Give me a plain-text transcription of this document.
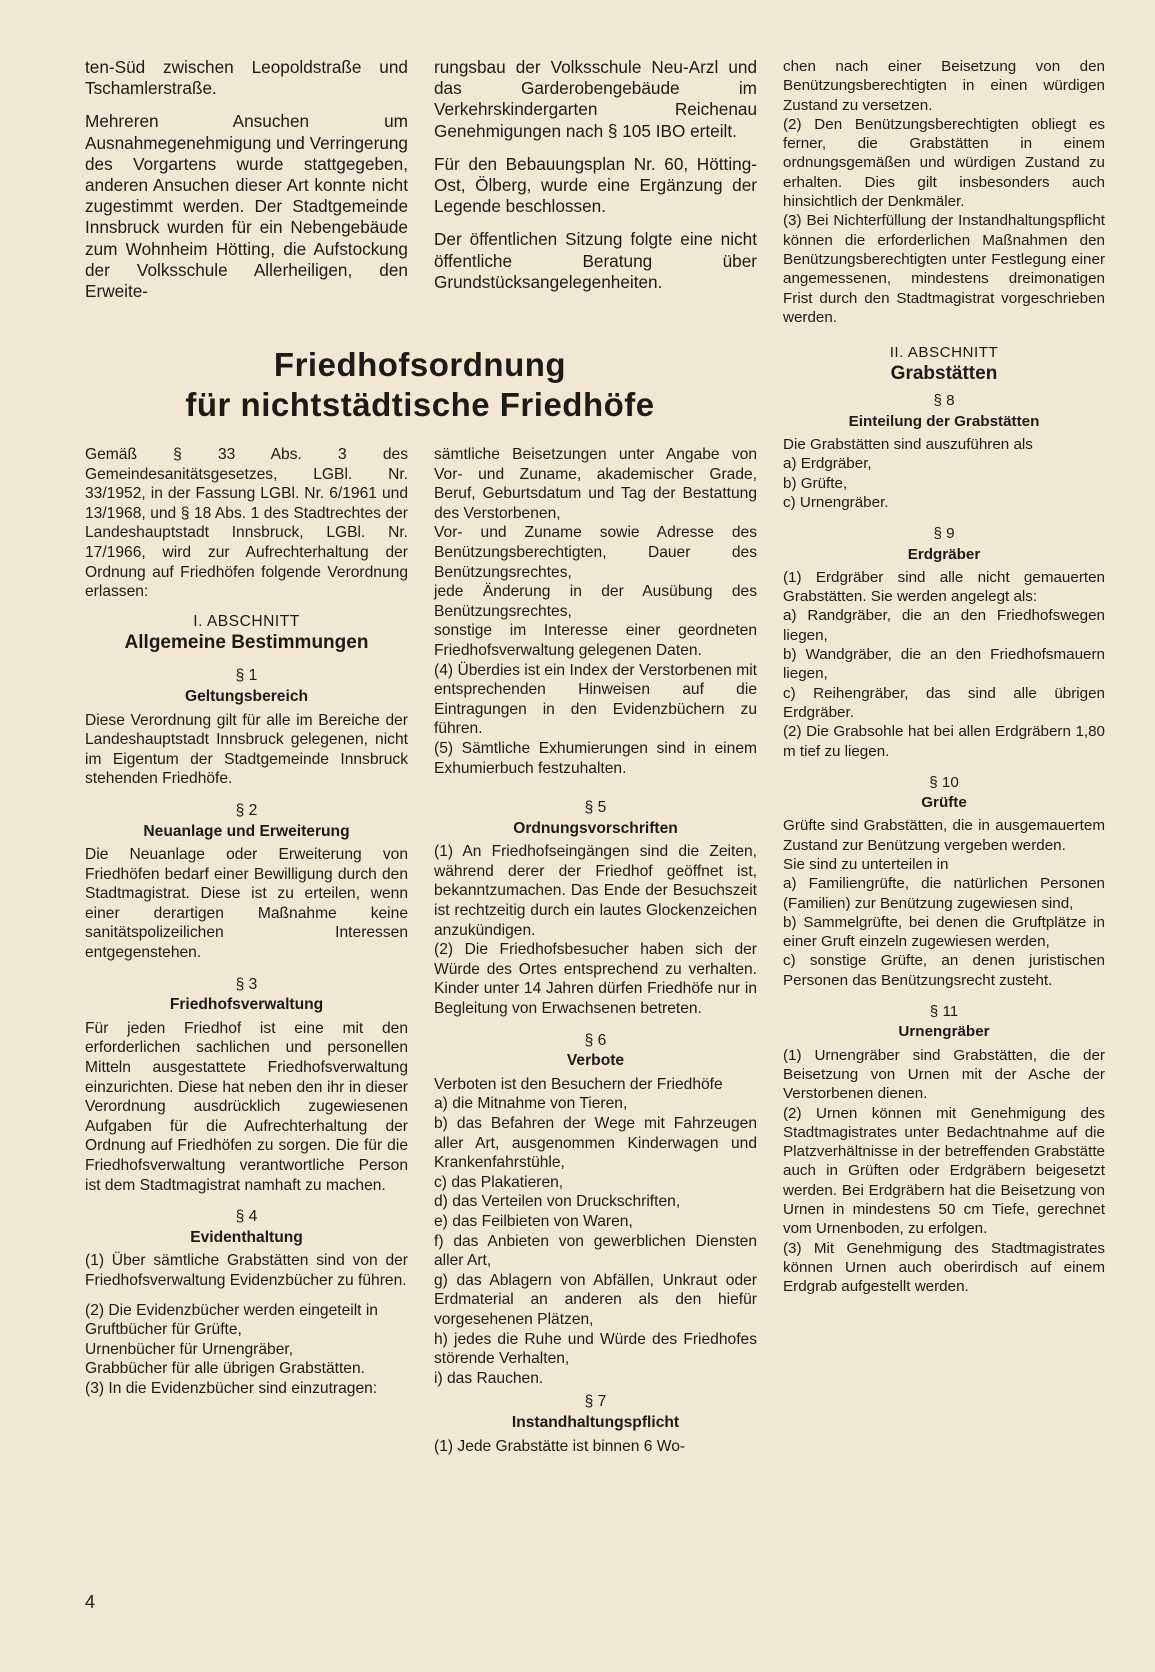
ten-Süd zwischen Leopoldstraße und Tschamlerstraße.

Mehreren Ansuchen um Ausnahmegenehmigung und Verringerung des Vorgartens wurde stattgegeben, anderen Ansuchen dieser Art konnte nicht zugestimmt werden. Der Stadtgemeinde Innsbruck wurden für ein Nebengebäude zum Wohnheim Hötting, die Aufstockung der Volksschule Allerheiligen, den Erweite-

rungsbau der Volksschule Neu-Arzl und das Garderobengebäude im Verkehrskindergarten Reichenau Genehmigungen nach § 105 IBO erteilt.

Für den Bebauungsplan Nr. 60, Hötting-Ost, Ölberg, wurde eine Ergänzung der Legende beschlossen.

Der öffentlichen Sitzung folgte eine nicht öffentliche Beratung über Grundstücksangelegenheiten.

Friedhofsordnung
für nichtstädtische Friedhöfe

Gemäß § 33 Abs. 3 des Gemeindesanitätsgesetzes, LGBl. Nr. 33/1952, in der Fassung LGBl. Nr. 6/1961 und 13/1968, und § 18 Abs. 1 des Stadtrechtes der Landeshauptstadt Innsbruck, LGBl. Nr. 17/1966, wird zur Aufrechterhaltung der Ordnung auf Friedhöfen folgende Verordnung erlassen:

I. ABSCHNITT
Allgemeine Bestimmungen
§ 1
Geltungsbereich

Diese Verordnung gilt für alle im Bereiche der Landeshauptstadt Innsbruck gelegenen, nicht im Eigentum der Stadtgemeinde Innsbruck stehenden Friedhöfe.

§ 2
Neuanlage und Erweiterung

Die Neuanlage oder Erweiterung von Friedhöfen bedarf einer Bewilligung durch den Stadtmagistrat. Diese ist zu erteilen, wenn einer derartigen Maßnahme keine sanitätspolizeilichen Interessen entgegenstehen.

§ 3
Friedhofsverwaltung

Für jeden Friedhof ist eine mit den erforderlichen sachlichen und personellen Mitteln ausgestattete Friedhofsverwaltung einzurichten. Diese hat neben den ihr in dieser Verordnung ausdrücklich zugewiesenen Aufgaben für die Aufrechterhaltung der Ordnung auf Friedhöfen zu sorgen. Die für die Friedhofsverwaltung verantwortliche Person ist dem Stadtmagistrat namhaft zu machen.

§ 4
Evidenthaltung

(1) Über sämtliche Grabstätten sind von der Friedhofsverwaltung Evidenzbücher zu führen.

(2) Die Evidenzbücher werden eingeteilt in
Gruftbücher für Grüfte,
Urnenbücher für Urnengräber,
Grabbücher für alle übrigen Grabstätten.
(3) In die Evidenzbücher sind einzutragen:
sämtliche Beisetzungen unter Angabe von Vor- und Zuname, akademischer Grade, Beruf, Geburtsdatum und Tag der Bestattung des Verstorbenen,
Vor- und Zuname sowie Adresse des Benützungsberechtigten, Dauer des Benützungsrechtes,
jede Änderung in der Ausübung des Benützungsrechtes,
sonstige im Interesse einer geordneten Friedhofsverwaltung gelegenen Daten.
(4) Überdies ist ein Index der Verstorbenen mit entsprechenden Hinweisen auf die Eintragungen in den Evidenzbüchern zu führen.
(5) Sämtliche Exhumierungen sind in einem Exhumierbuch festzuhalten.
§ 5
Ordnungsvorschriften
(1) An Friedhofseingängen sind die Zeiten, während derer der Friedhof geöffnet ist, bekanntzumachen. Das Ende der Besuchszeit ist rechtzeitig durch ein lautes Glockenzeichen anzukündigen.

(2) Die Friedhofsbesucher haben sich der Würde des Ortes entsprechend zu verhalten. Kinder unter 14 Jahren dürfen Friedhöfe nur in Begleitung von Erwachsenen betreten.

§ 6
Verbote
Verboten ist den Besuchern der Friedhöfe
a) die Mitnahme von Tieren,
b) das Befahren der Wege mit Fahrzeugen aller Art, ausgenommen Kinderwagen und Krankenfahrstühle,
c) das Plakatieren,
d) das Verteilen von Druckschriften,
e) das Feilbieten von Waren,
f) das Anbieten von gewerblichen Diensten aller Art,
g) das Ablagern von Abfällen, Unkraut oder Erdmaterial an anderen als den hiefür vorgesehenen Plätzen,
h) jedes die Ruhe und Würde des Friedhofes störende Verhalten,
i) das Rauchen.
§ 7
Instandhaltungspflicht
(1) Jede Grabstätte ist binnen 6 Wo-
chen nach einer Beisetzung von den Benützungsberechtigten in einen würdigen Zustand zu versetzen.
(2) Den Benützungsberechtigten obliegt es ferner, die Grabstätten in einem ordnungsgemäßen und würdigen Zustand zu erhalten. Dies gilt insbesonders auch hinsichtlich der Denkmäler.
(3) Bei Nichterfüllung der Instandhaltungspflicht können die erforderlichen Maßnahmen den Benützungsberechtigten unter Festlegung einer angemessenen, mindestens dreimonatigen Frist durch den Stadtmagistrat vorgeschrieben werden.
II. ABSCHNITT
Grabstätten
§ 8
Einteilung der Grabstätten
Die Grabstätten sind auszuführen als
a) Erdgräber,
b) Grüfte,
c) Urnengräber.
§ 9
Erdgräber
(1) Erdgräber sind alle nicht gemauerten Grabstätten. Sie werden angelegt als:
a) Randgräber, die an den Friedhofswegen liegen,
b) Wandgräber, die an den Friedhofsmauern liegen,
c) Reihengräber, das sind alle übrigen Erdgräber.

(2) Die Grabsohle hat bei allen Erdgräbern 1,80 m tief zu liegen.

§ 10
Grüfte
Grüfte sind Grabstätten, die in ausgemauertem Zustand zur Benützung vergeben werden.
Sie sind zu unterteilen in
a) Familiengrüfte, die natürlichen Personen (Familien) zur Benützung zugewiesen sind,
b) Sammelgrüfte, bei denen die Gruftplätze in einer Gruft einzeln zugewiesen werden,

c) sonstige Grüfte, an denen juristischen Personen das Benützungsrecht zusteht.

§ 11
Urnengräber
(1) Urnengräber sind Grabstätten, die der Beisetzung von Urnen mit der Asche der Verstorbenen dienen.
(2) Urnen können mit Genehmigung des Stadtmagistrates unter Bedachtnahme auf die Platzverhältnisse in der betreffenden Grabstätte auch in Grüften oder Erdgräbern beigesetzt werden. Bei Erdgräbern hat die Beisetzung von Urnen in mindestens 50 cm Tiefe, gerechnet vom Urnenboden, zu erfolgen.
(3) Mit Genehmigung des Stadtmagistrates können Urnen auch oberirdisch auf einem Erdgrab aufgestellt werden.
4
